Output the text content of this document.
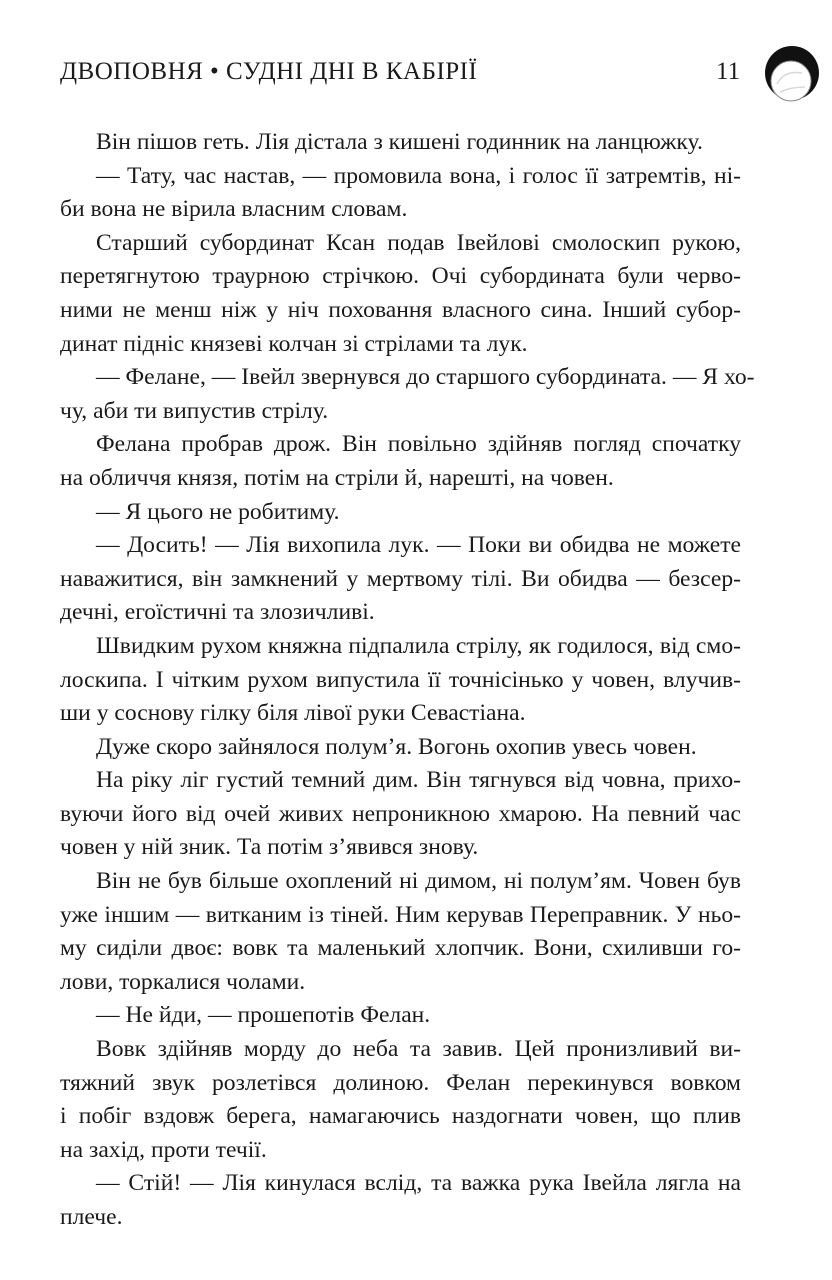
ДВОПОВНЯ • СУДНІ ДНІ В КАБІРІЇ	11
Він пішов геть. Лія дістала з кишені годинник на ланцюжку.
— Тату, час настав, — промовила вона, і голос її затремтів, ні-
би вона не вірила власним словам.
Старший субординат Ксан подав Івейлові смолоскип рукою,
перетягнутою траурною стрічкою. Очі субордината були черво-
ними не менш ніж у ніч поховання власного сина. Інший субор-
динат підніс князеві колчан зі стрілами та лук.
— Фелане, — Івейл звернувся до старшого субордината. — Я хо-
чу, аби ти випустив стрілу.
Фелана пробрав дрож. Він повільно здійняв погляд спочатку
на обличчя князя, потім на стріли й, нарешті, на човен.
— Я цього не робитиму.
— Досить! — Лія вихопила лук. — Поки ви обидва не можете
наважитися, він замкнений у мертвому тілі. Ви обидва — безсер-
дечні, егоїстичні та злозичливі.
Швидким рухом княжна підпалила стрілу, як годилося, від смо-
лоскипа. І чітким рухом випустила її точнісінько у човен, влучив-
ши у соснову гілку біля лівої руки Севастіана.
Дуже скоро зайнялося полум’я. Вогонь охопив увесь човен.
На ріку ліг густий темний дим. Він тягнувся від човна, прихо-
вуючи його від очей живих непроникною хмарою. На певний час
човен у ній зник. Та потім з’явився знову.
Він не був більше охоплений ні димом, ні полум’ям. Човен був
уже іншим — витканим із тіней. Ним керував Переправник. У ньо-
му сиділи двоє: вовк та маленький хлопчик. Вони, схиливши го-
лови, торкалися чолами.
— Не йди, — прошепотів Фелан.
Вовк здійняв морду до неба та завив. Цей пронизливий ви-
тяжний звук розлетівся долиною. Фелан перекинувся вовком
і побіг вздовж берега, намагаючись наздогнати човен, що плив
на захід, проти течії.
— Стій! — Лія кинулася вслід, та важка рука Івейла лягла на
плече.
